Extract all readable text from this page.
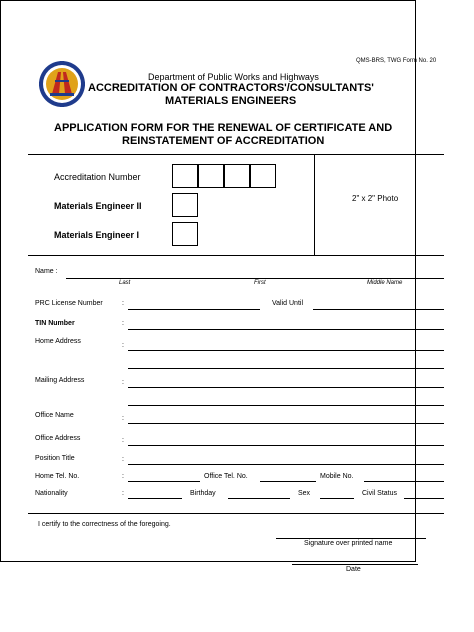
QMS-BRS, TWG Form No. 20
Department of Public Works and Highways
ACCREDITATION OF CONTRACTORS'/CONSULTANTS'
MATERIALS ENGINEERS
APPLICATION FORM FOR THE RENEWAL OF CERTIFICATE AND
REINSTATEMENT OF ACCREDITATION
Accreditation Number
Materials Engineer II
Materials Engineer I
2" x 2" Photo
Name :
Last	First	Middle Name
PRC License Number	:	Valid Until
TIN Number	:
Home Address
:
Mailing Address	:
Office Name	:
Office Address	:
Position Title	:
Home Tel. No.	:	Office Tel. No.	Mobile No.
Nationality	:	Birthday	Sex	Civil Status
I certify to the correctness of the foregoing.
Signature over printed name
Date
